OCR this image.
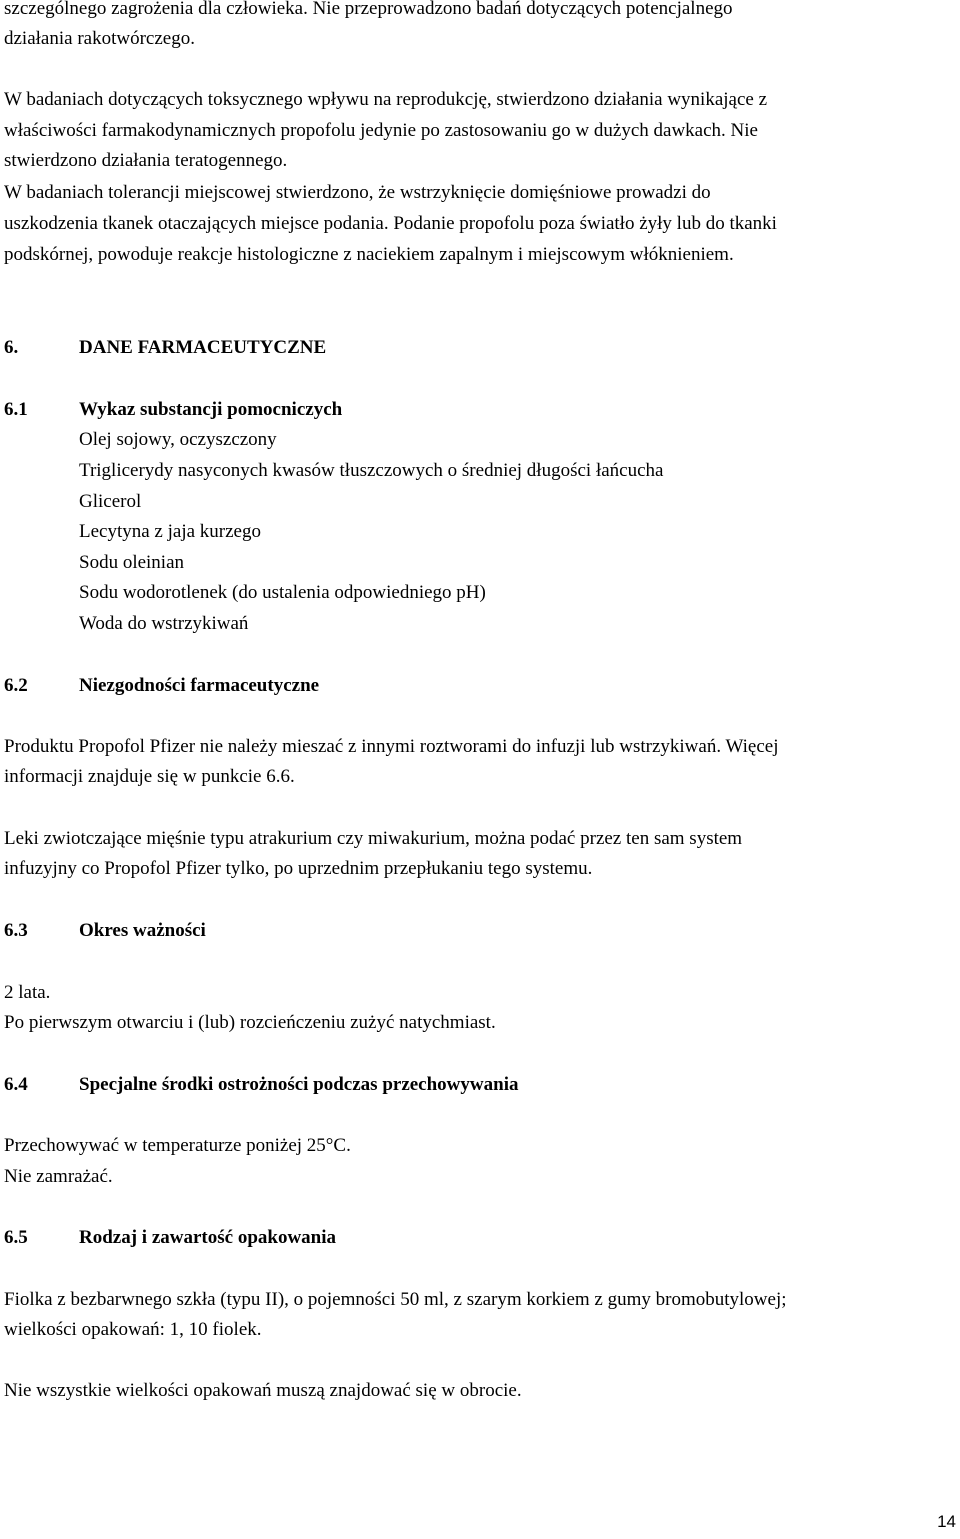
szczególnego zagrożenia dla człowieka. Nie przeprowadzono badań dotyczących potencjalnego
działania rakotwórczego.
W badaniach dotyczących toksycznego wpływu na reprodukcję, stwierdzono działania wynikające z
właściwości farmakodynamicznych propofolu jedynie po zastosowaniu go w dużych dawkach. Nie
stwierdzono działania teratogennego.
W badaniach tolerancji miejscowej stwierdzono, że wstrzyknięcie domięśniowe prowadzi do
uszkodzenia tkanek otaczających miejsce podania. Podanie propofolu poza światło żyły lub do tkanki
podskórnej, powoduje reakcje histologiczne z naciekiem zapalnym i miejscowym włóknieniem.
6.	DANE FARMACEUTYCZNE
6.1	Wykaz substancji pomocniczych
Olej sojowy, oczyszczony
Triglicerydy nasyconych kwasów tłuszczowych o średniej długości łańcucha
Glicerol
Lecytyna z jaja kurzego
Sodu oleinian
Sodu wodorotlenek (do ustalenia odpowiedniego pH)
Woda do wstrzykiwań
6.2	Niezgodności farmaceutyczne
Produktu Propofol Pfizer nie należy mieszać z innymi roztworami do infuzji lub wstrzykiwań. Więcej
informacji znajduje się w punkcie 6.6.
Leki zwiotczające mięśnie typu atrakurium czy miwakurium, można podać przez ten sam system
infuzyjny co Propofol Pfizer tylko, po uprzednim przepłukaniu tego systemu.
6.3	Okres ważności
2 lata.
Po pierwszym otwarciu i (lub) rozcieńczeniu zużyć natychmiast.
6.4	Specjalne środki ostrożności podczas przechowywania
Przechowywać w temperaturze poniżej 25°C.
Nie zamrażać.
6.5	Rodzaj i zawartość opakowania
Fiolka z bezbarwnego szkła (typu II), o pojemności 50 ml, z szarym korkiem z gumy bromobutylowej;
wielkości opakowań: 1, 10 fiolek.
Nie wszystkie wielkości opakowań muszą znajdować się w obrocie.
14
